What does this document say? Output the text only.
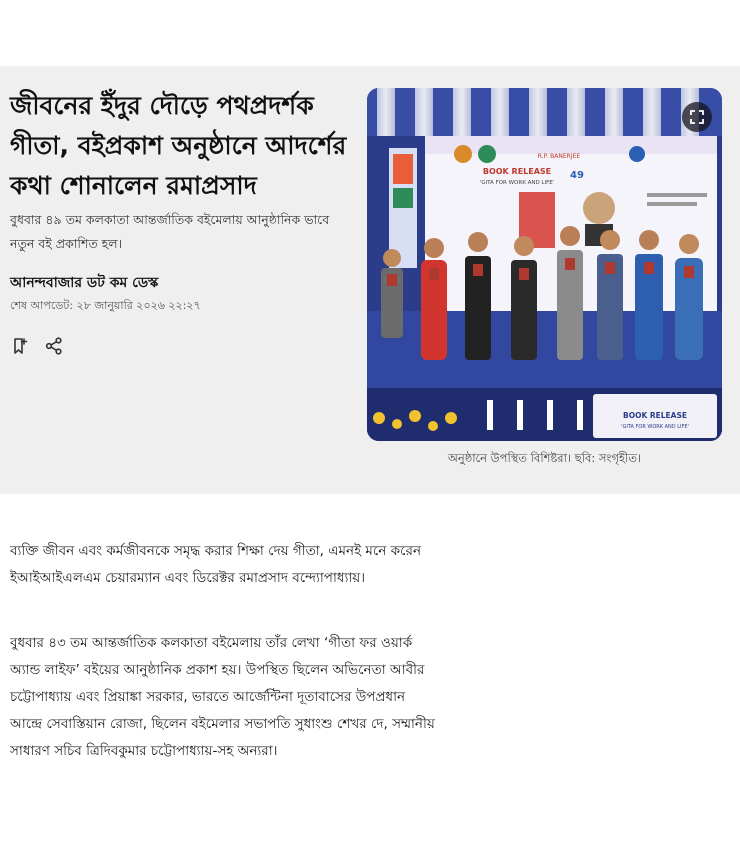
জীবনের ইঁদুর দৌড়ে পথপ্রদর্শক গীতা, বইপ্রকাশ অনুষ্ঠানে আদর্শের কথা শোনালেন রমাপ্রসাদ

বুধবার ৪৯ তম কলকাতা আন্তর্জাতিক বইমেলায় আনুষ্ঠানিক ভাবে নতুন বই প্রকাশিত হল।

আনন্দবাজার ডট কম ডেস্ক
শেষ আপডেট: ২৮ জানুয়ারি ২০২৬ ২২:২৭
R.P. BANERJEE
BOOK RELEASE
'GITA FOR WORK AND LIFE'
49
BOOK RELEASE
'GITA FOR WORK AND LIFE'
অনুষ্ঠানে উপস্থিত বিশিষ্টরা। ছবি: সংগৃহীত।

ব্যক্তি জীবন এবং কর্মজীবনকে সমৃদ্ধ করার শিক্ষা দেয় গীতা, এমনই মনে করেন ইআইআইএলএম চেয়ারম্যান এবং ডিরেক্টর রমাপ্রসাদ বন্দ্যোপাধ্যায়।

বুধবার ৪৩ তম আন্তর্জাতিক কলকাতা বইমেলায় তাঁর লেখা ‘গীতা ফর ওয়ার্ক অ্যান্ড লাইফ’ বইয়ের আনুষ্ঠানিক প্রকাশ হয়। উপস্থিত ছিলেন অভিনেতা আবীর চট্টোপাধ্যায় এবং প্রিয়াঙ্কা সরকার, ভারতে আর্জেন্টিনা দূতাবাসের উপপ্রধান আন্দ্রে সেবাস্তিয়ান রোজা, ছিলেন বইমেলার সভাপতি সুধাংশু শেখর দে, সম্মানীয় সাধারণ সচিব ত্রিদিবকুমার চট্টোপাধ্যায়-সহ অন্যরা।
